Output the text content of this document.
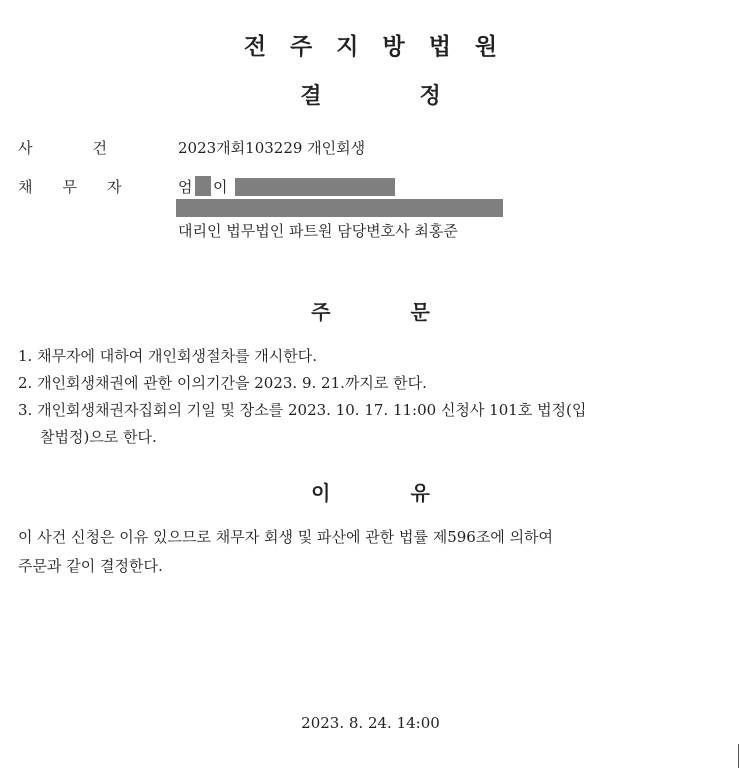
전주지방법원
결	정
사건 2023개회103229 개인회생
채무자 엄 이
대리인 법무법인 파트원 담당변호사 최홍준
주	문
1. 채무자에 대하여 개인회생절차를 개시한다.
2. 개인회생채권에 관한 이의기간을 2023. 9. 21.까지로 한다.
3. 개인회생채권자집회의 기일 및 장소를 2023. 10. 17. 11:00 신청사 101호 법정(입
찰법정)으로 한다.
이	유
이 사건 신청은 이유 있으므로 채무자 회생 및 파산에 관한 법률 제596조에 의하여
주문과 같이 결정한다.
2023. 8. 24. 14:00
